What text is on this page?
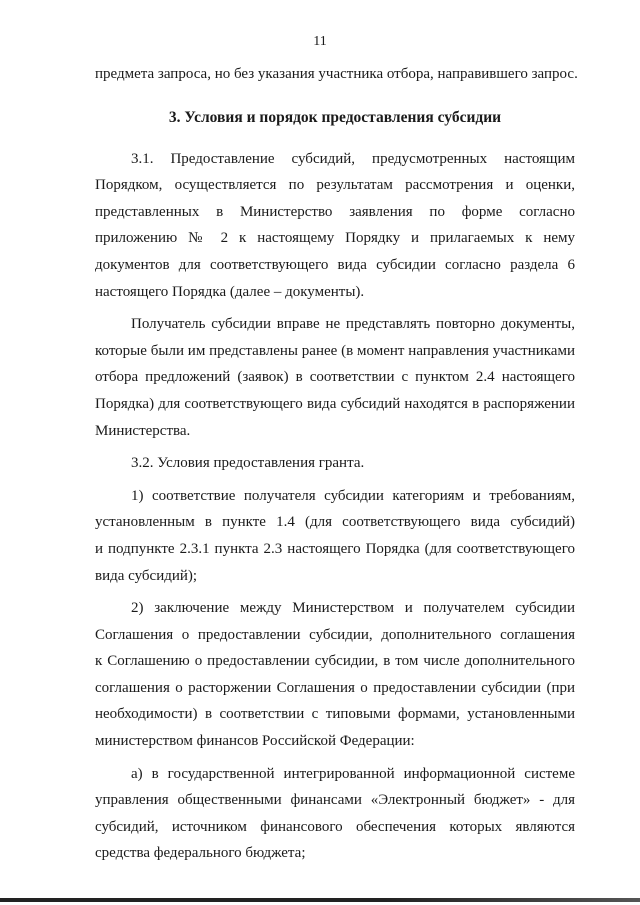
11
предмета запроса, но без указания участника отбора, направившего запрос.
3. Условия и порядок предоставления субсидии
3.1. Предоставление субсидий, предусмотренных настоящим
Порядком, осуществляется по результатам рассмотрения и оценки,
представленных в Министерство заявления по форме согласно
приложению № 2 к настоящему Порядку и прилагаемых к нему
документов для соответствующего вида субсидии согласно раздела 6
настоящего Порядка (далее – документы).
Получатель субсидии вправе не представлять повторно документы,
которые были им представлены ранее (в момент направления участниками
отбора предложений (заявок) в соответствии с пунктом 2.4 настоящего
Порядка) для соответствующего вида субсидий находятся в распоряжении
Министерства.
3.2. Условия предоставления гранта.
1) соответствие получателя субсидии категориям и требованиям,
установленным в пункте 1.4 (для соответствующего вида субсидий)
и подпункте 2.3.1 пункта 2.3 настоящего Порядка (для соответствующего
вида субсидий);
2) заключение между Министерством и получателем субсидии
Соглашения о предоставлении субсидии, дополнительного соглашения
к Соглашению о предоставлении субсидии, в том числе дополнительного
соглашения о расторжении Соглашения о предоставлении субсидии (при
необходимости) в соответствии с типовыми формами, установленными
министерством финансов Российской Федерации:
а) в государственной интегрированной информационной системе
управления общественными финансами «Электронный бюджет» - для
субсидий, источником финансового обеспечения которых являются
средства федерального бюджета;
